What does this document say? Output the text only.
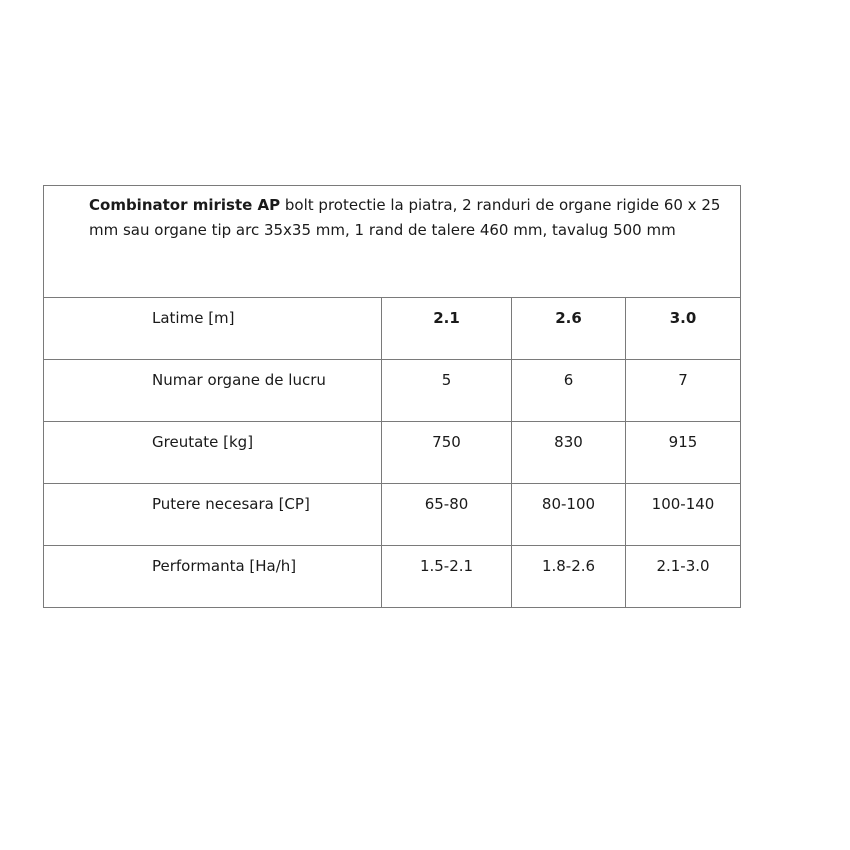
Combinator miriste AP bolt protectie la piatra, 2 randuri de organe rigide 60 x 25 mm sau organe tip arc 35x35 mm, 1 rand de talere 460 mm, tavalug 500 mm			
Latime [m]	2.1	2.6	3.0
Numar organe de lucru	5	6	7
Greutate [kg]	750	830	915
Putere necesara [CP]	65-80	80-100	100-140
Performanta [Ha/h]	1.5-2.1	1.8-2.6	2.1-3.0
